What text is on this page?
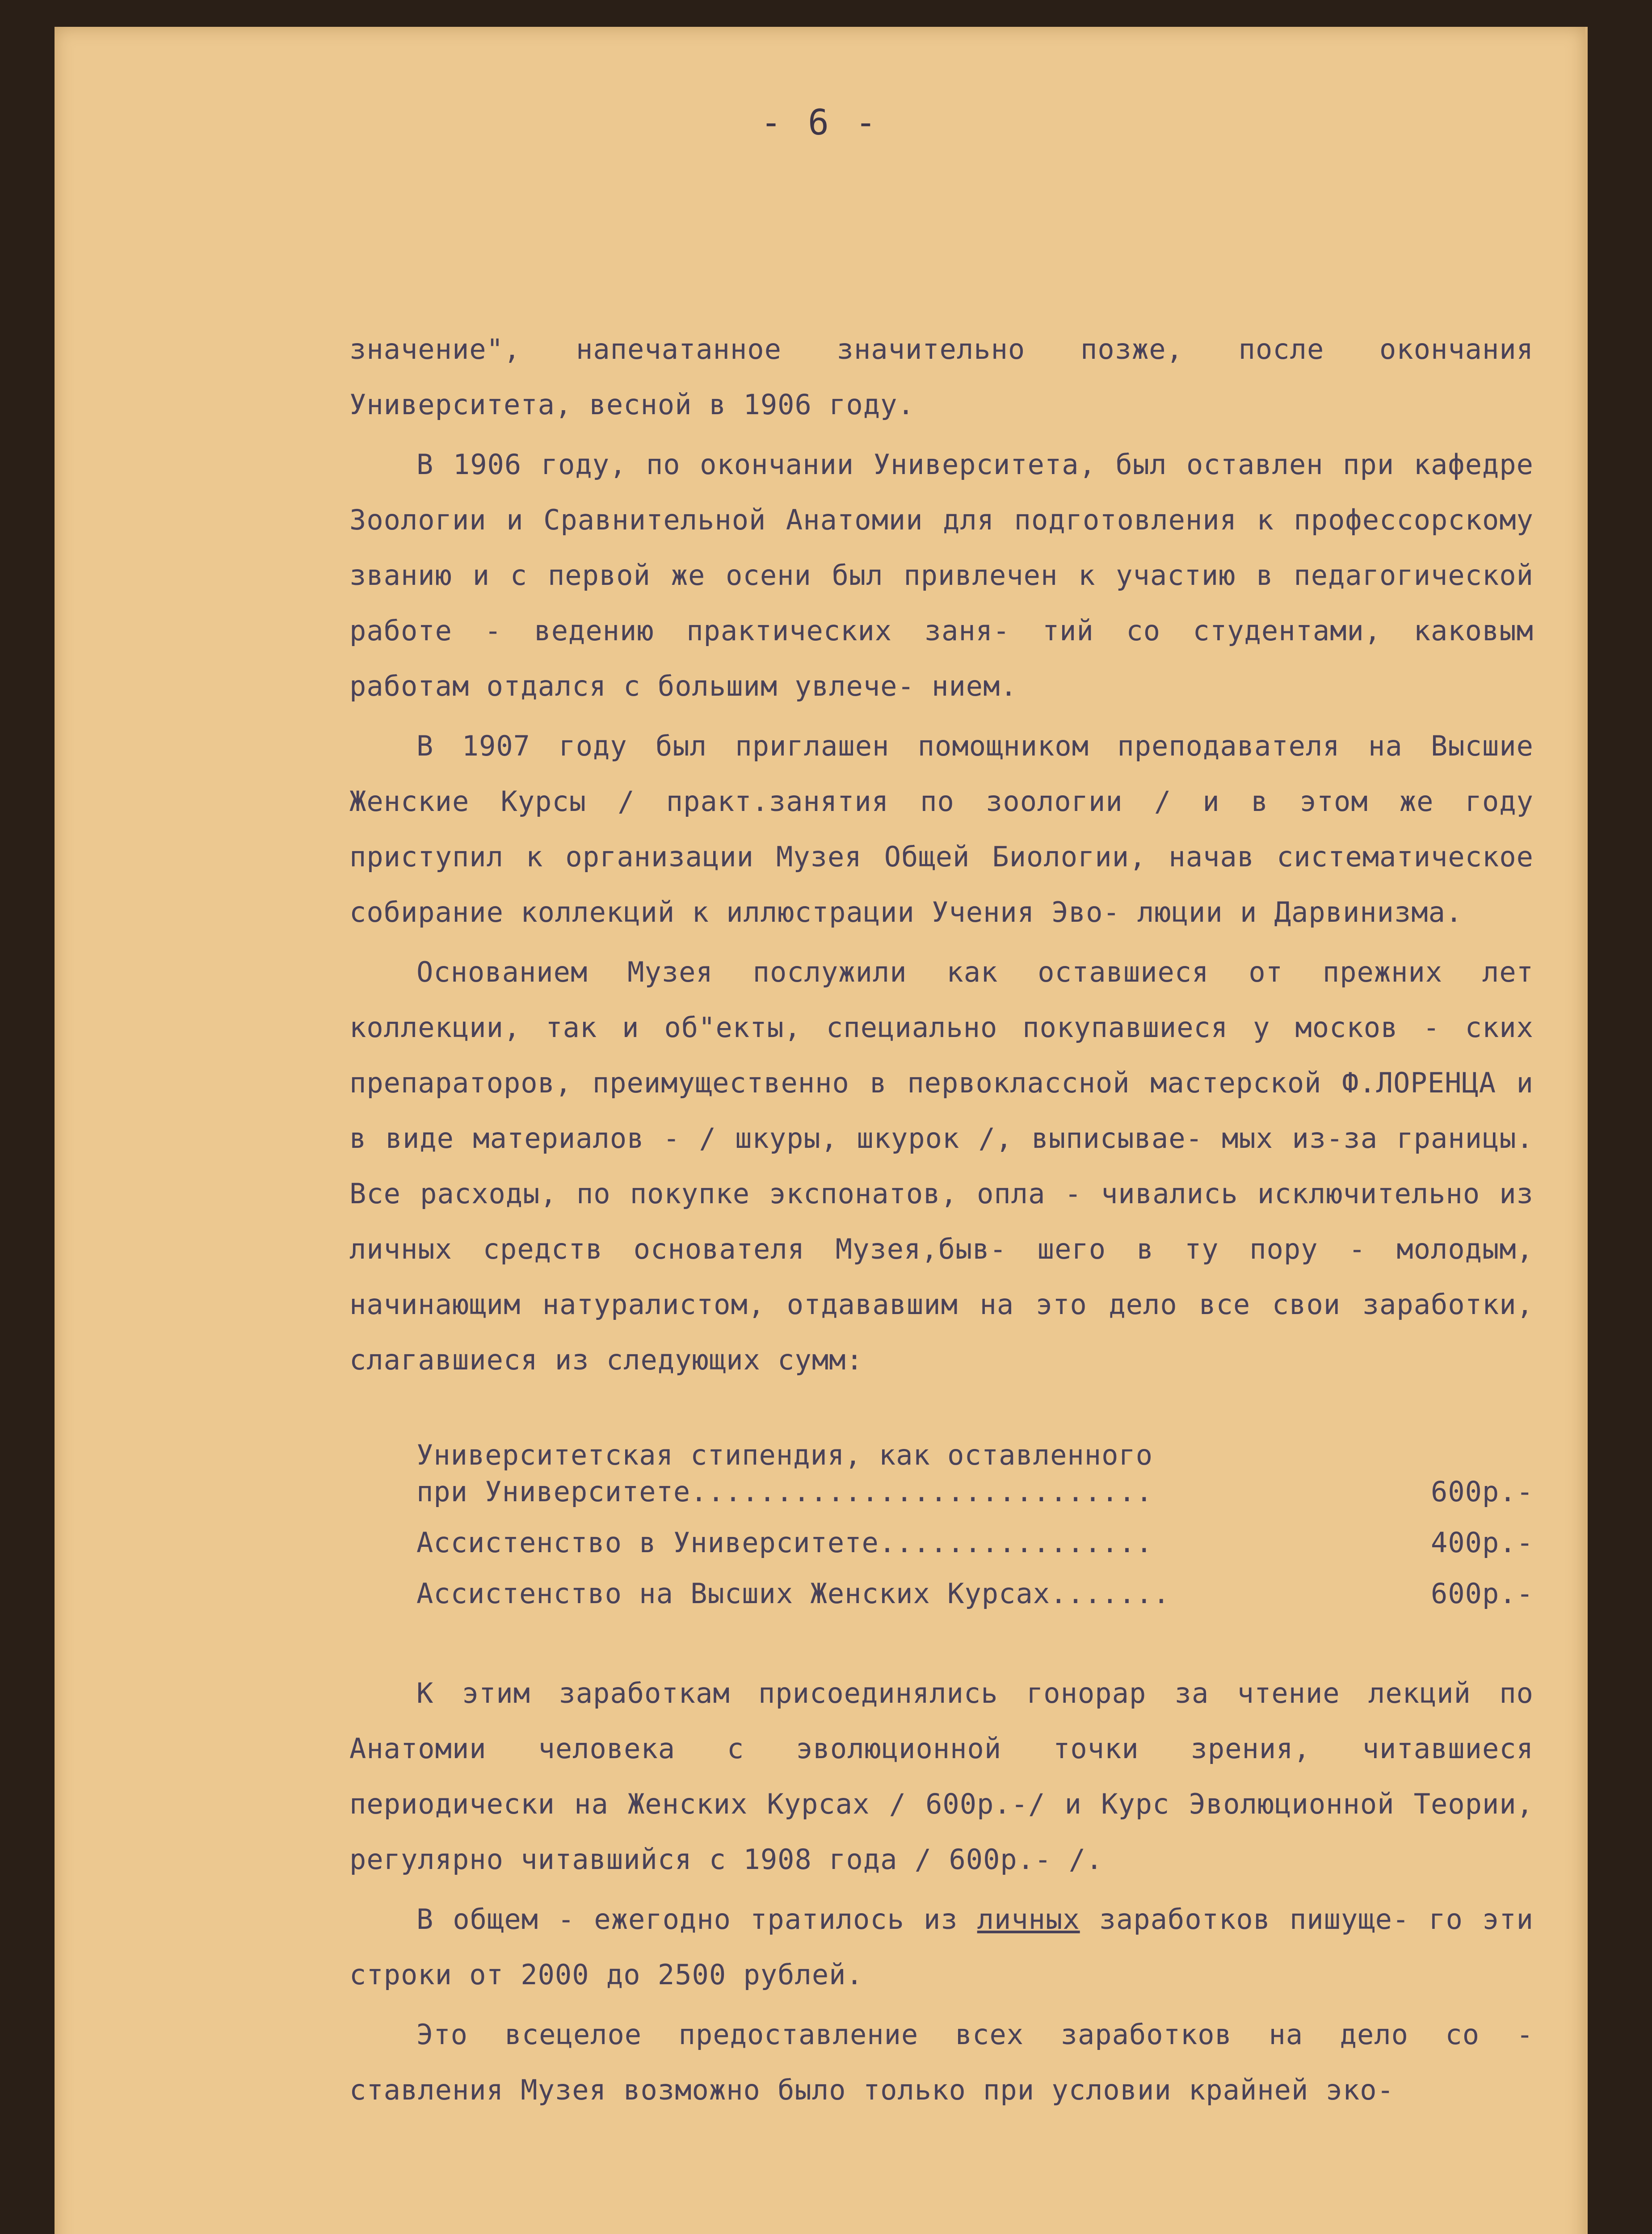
- 6 -

значение", напечатанное значительно позже, после окончания Университета, весной в 1906 году.

В 1906 году, по окончании Университета, был оставлен при кафедре Зоологии и Сравнительной Анатомии для подготовления к профессорскому званию и с первой же осени был привлечен к участию в педагогической работе - ведению практических заня- тий со студентами, каковым работам отдался с большим увлече- нием.

В 1907 году был приглашен помощником преподавателя на Высшие Женские Курсы / практ.занятия по зоологии / и в этом же году приступил к организации Музея Общей Биологии, начав систематическое собирание коллекций к иллюстрации Учения Эво- люции и Дарвинизма.

Основанием Музея послужили как оставшиеся от прежних лет коллекции, так и об"екты, специально покупавшиеся у москов - ских препараторов, преимущественно в первоклассной мастерской Ф.ЛОРЕНЦА и в виде материалов - / шкуры, шкурок /, выписывае- мых из-за границы. Все расходы, по покупке экспонатов, опла - чивались исключительно из личных средств основателя Музея,быв- шего в ту пору - молодым, начинающим натуралистом, отдававшим на это дело все свои заработки, слагавшиеся из следующих сумм:

Университетская стипендия, как оставленного
при Университете...........................	600р.-
Ассистенство в Университете................	400р.-
Ассистенство на Высших Женских Курсах.......	600р.-

К этим заработкам присоединялись гонорар за чтение лекций по Анатомии человека с эволюционной точки зрения, читавшиеся периодически на Женских Курсах / 600р.-/ и Курс Эволюционной Теории, регулярно читавшийся с 1908 года / 600р.- /.

В общем - ежегодно тратилось из личных заработков пишуще- го эти строки от 2000 до 2500 рублей.

Это всецелое предоставление всех заработков на дело со - ставления Музея возможно было только при условии крайней эко-
